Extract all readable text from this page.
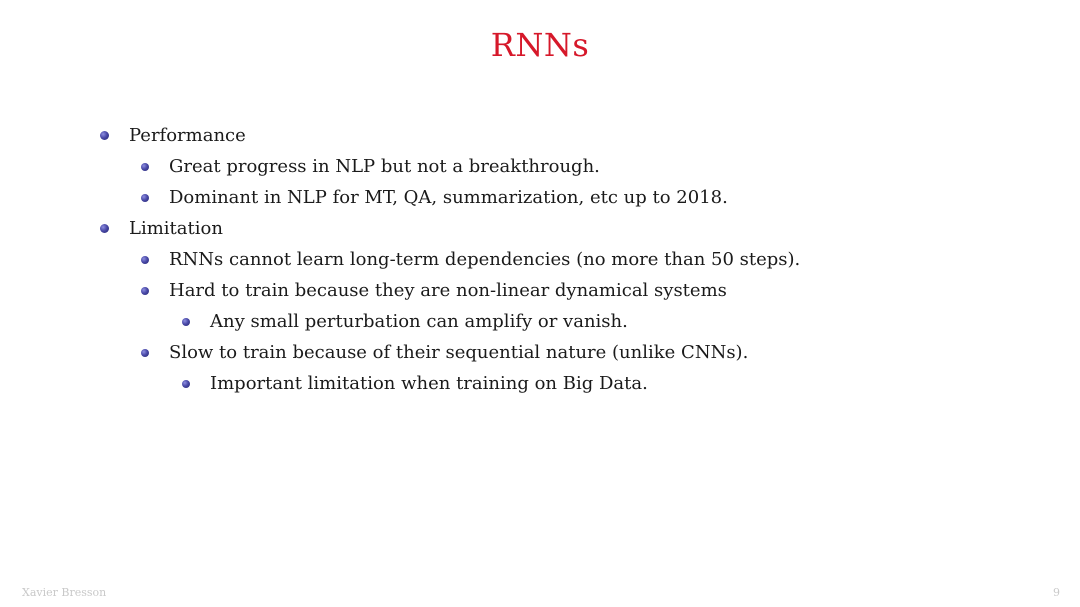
RNNs
Performance
Great progress in NLP but not a breakthrough.
Dominant in NLP for MT, QA, summarization, etc up to 2018.
Limitation
RNNs cannot learn long-term dependencies (no more than 50 steps).
Hard to train because they are non-linear dynamical systems
Any small perturbation can amplify or vanish.
Slow to train because of their sequential nature (unlike CNNs).
Important limitation when training on Big Data.
Xavier Bresson	9
